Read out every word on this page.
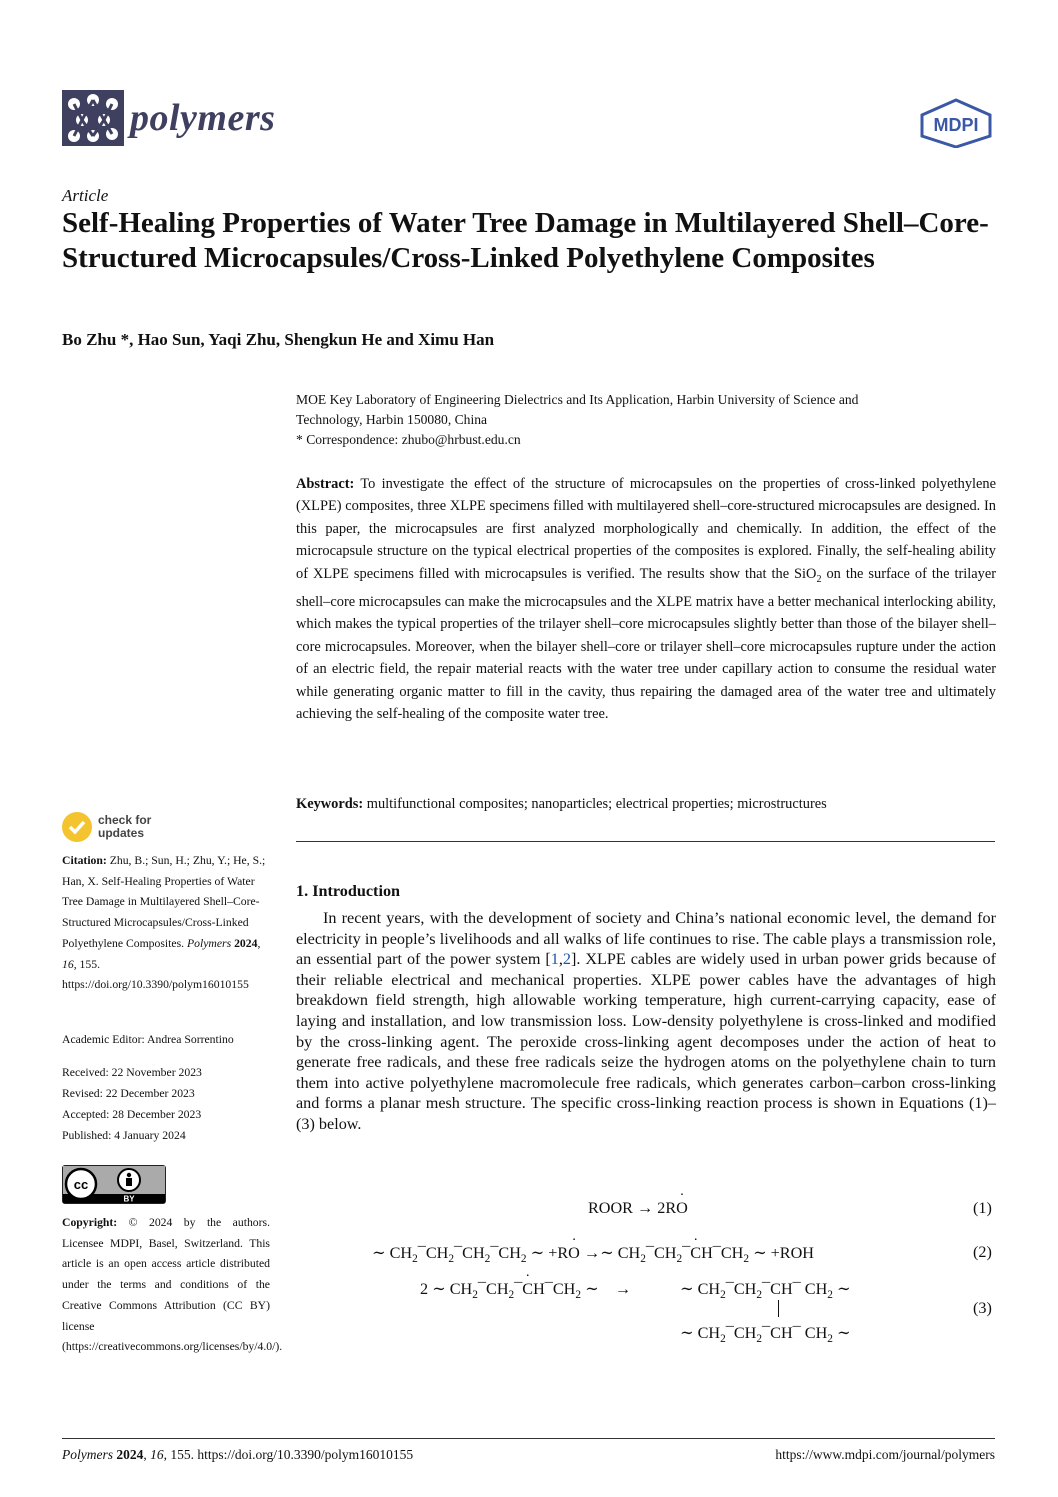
polymers	MDPI
Article
Self-Healing Properties of Water Tree Damage in Multilayered Shell–Core-Structured Microcapsules/Cross-Linked Polyethylene Composites
Bo Zhu *, Hao Sun, Yaqi Zhu, Shengkun He and Ximu Han
MOE Key Laboratory of Engineering Dielectrics and Its Application, Harbin University of Science and
Technology, Harbin 150080, China
* Correspondence: zhubo@hrbust.edu.cn

Abstract: To investigate the effect of the structure of microcapsules on the properties of cross-linked polyethylene (XLPE) composites, three XLPE specimens filled with multilayered shell–core-structured microcapsules are designed. In this paper, the microcapsules are first analyzed morphologically and chemically. In addition, the effect of the microcapsule structure on the typical electrical properties of the composites is explored. Finally, the self-healing ability of XLPE specimens filled with microcapsules is verified. The results show that the SiO$_2$ on the surface of the trilayer shell–core microcapsules can make the microcapsules and the XLPE matrix have a better mechanical interlocking ability, which makes the typical properties of the trilayer shell–core microcapsules slightly better than those of the bilayer shell–core microcapsules. Moreover, when the bilayer shell–core or trilayer shell–core microcapsules rupture under the action of an electric field, the repair material reacts with the water tree under capillary action to consume the residual water while generating organic matter to fill in the cavity, thus repairing the damaged area of the water tree and ultimately achieving the self-healing of the composite water tree.

Keywords: multifunctional composites; nanoparticles; electrical properties; microstructures

check for
updates
Citation: Zhu, B.; Sun, H.; Zhu, Y.; He, S.; Han, X. Self-Healing Properties of Water Tree Damage in Multilayered Shell–Core-Structured Microcapsules/Cross-Linked Polyethylene Composites. Polymers 2024, 16, 155. https://doi.org/10.3390/polym16010155
Academic Editor: Andrea Sorrentino
Received: 22 November 2023
Revised: 22 December 2023
Accepted: 28 December 2023
Published: 4 January 2024
cc
BY
Copyright: © 2024 by the authors. Licensee MDPI, Basel, Switzerland. This article is an open access article distributed under the terms and conditions of the Creative Commons Attribution (CC BY) license (https://creativecommons.org/licenses/by/4.0/).
1. Introduction

In recent years, with the development of society and China’s national economic level, the demand for electricity in people’s livelihoods and all walks of life continues to rise. The cable plays a transmission role, an essential part of the power system [1,2]. XLPE cables are widely used in urban power grids because of their reliable electrical and mechanical properties. XLPE power cables have the advantages of high breakdown field strength, high allowable working temperature, high current-carrying capacity, ease of laying and installation, and low transmission loss. Low-density polyethylene is cross-linked and modified by the cross-linking agent. The peroxide cross-linking agent decomposes under the action of heat to generate free radicals, and these free radicals seize the hydrogen atoms on the polyethylene chain to turn them into active polyethylene macromolecule free radicals, which generates carbon–carbon cross-linking and forms a planar mesh structure. The specific cross-linking reaction process is shown in Equations (1)–(3) below.

ROOR → 2RO ˙	(1)
∼ $CH_2¯CH_2¯CH_2¯CH_2$ ∼ +RO ˙ →∼ $CH_2¯CH_2¯C$ $˙H¯CH_2$ ∼ +ROH	(2)
2 ∼ $CH_2¯CH_2¯C$ $˙H¯CH_2$ ∼    →	∼ $CH_2¯CH_2¯CH¯$ $CH_2$ ∼
∼ $CH_2¯CH_2¯CH¯$ $CH_2$ ∼
(3)
Polymers 2024, 16, 155. https://doi.org/10.3390/polym16010155	https://www.mdpi.com/journal/polymers
